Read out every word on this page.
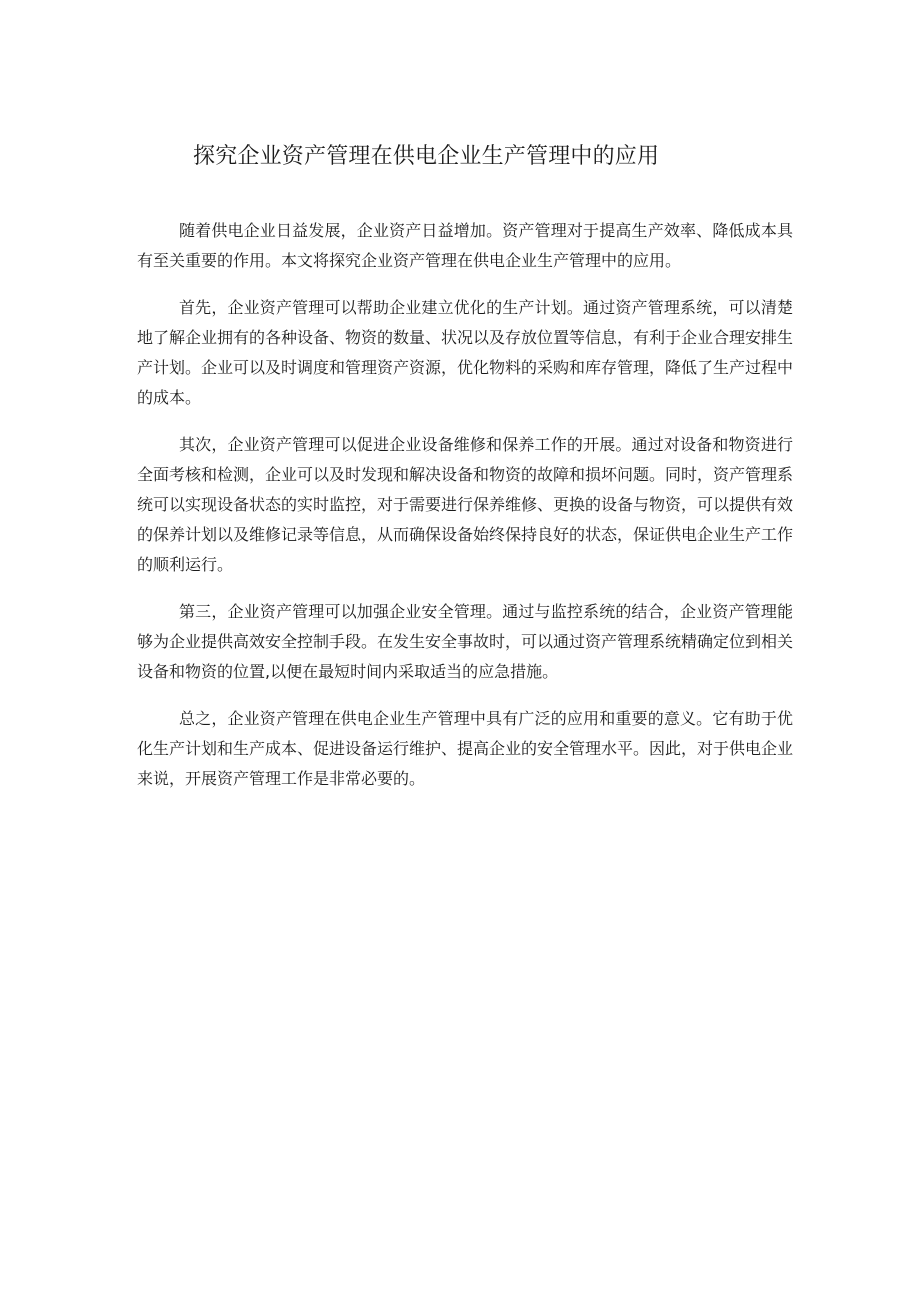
探究企业资产管理在供电企业生产管理中的应用

随着供电企业日益发展，企业资产日益增加。资产管理对于提高生产效率、降低成本具有至关重要的作用。本文将探究企业资产管理在供电企业生产管理中的应用。

首先，企业资产管理可以帮助企业建立优化的生产计划。通过资产管理系统，可以清楚地了解企业拥有的各种设备、物资的数量、状况以及存放位置等信息，有利于企业合理安排生产计划。企业可以及时调度和管理资产资源，优化物料的采购和库存管理，降低了生产过程中的成本。

其次，企业资产管理可以促进企业设备维修和保养工作的开展。通过对设备和物资进行全面考核和检测，企业可以及时发现和解决设备和物资的故障和损坏问题。同时，资产管理系统可以实现设备状态的实时监控，对于需要进行保养维修、更换的设备与物资，可以提供有效的保养计划以及维修记录等信息，从而确保设备始终保持良好的状态，保证供电企业生产工作的顺利运行。

第三，企业资产管理可以加强企业安全管理。通过与监控系统的结合，企业资产管理能够为企业提供高效安全控制手段。在发生安全事故时，可以通过资产管理系统精确定位到相关设备和物资的位置,以便在最短时间内采取适当的应急措施。

总之，企业资产管理在供电企业生产管理中具有广泛的应用和重要的意义。它有助于优化生产计划和生产成本、促进设备运行维护、提高企业的安全管理水平。因此，对于供电企业来说，开展资产管理工作是非常必要的。
